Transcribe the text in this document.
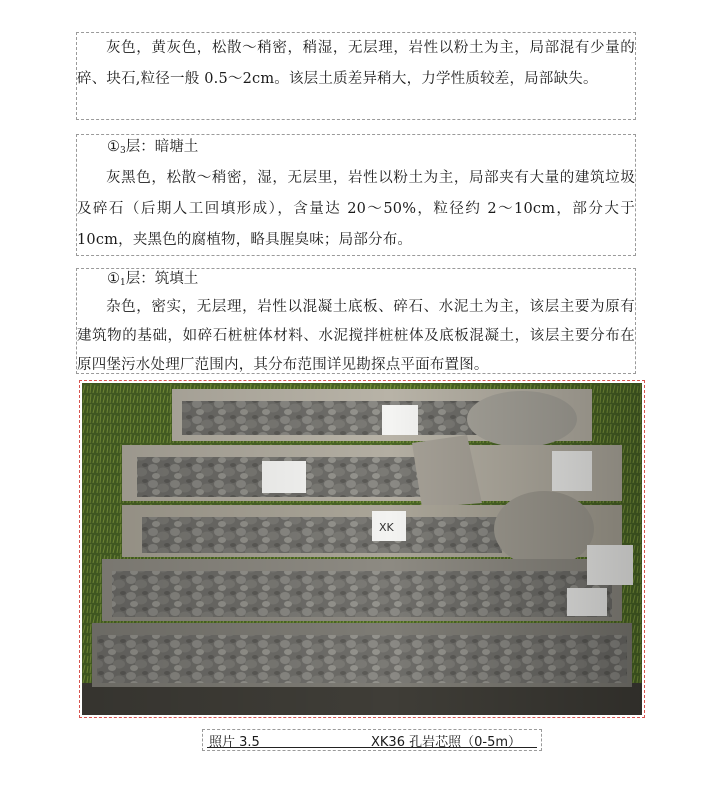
灰色，黄灰色，松散～稍密，稍湿，无层理，岩性以粉土为主，局部混有少量的碎、块石,粒径一般 0.5～2cm。该层土质差异稍大，力学性质较差，局部缺失。

$①_3$层：暗塘土

灰黑色，松散～稍密，湿，无层里，岩性以粉土为主，局部夹有大量的建筑垃圾及碎石（后期人工回填形成），含量达 20～50%，粒径约 2～10cm，部分大于10cm，夹黑色的腐植物，略具腥臭味；局部分布。

$①_1$层：筑填土

杂色，密实，无层理，岩性以混凝土底板、碎石、水泥土为主，该层主要为原有建筑物的基础，如碎石桩桩体材料、水泥搅拌桩桩体及底板混凝土，该层主要分布在原四堡污水处理厂范围内，其分布范围详见勘探点平面布置图。

照片 3.5	XK36 孔岩芯照（0-5m）
